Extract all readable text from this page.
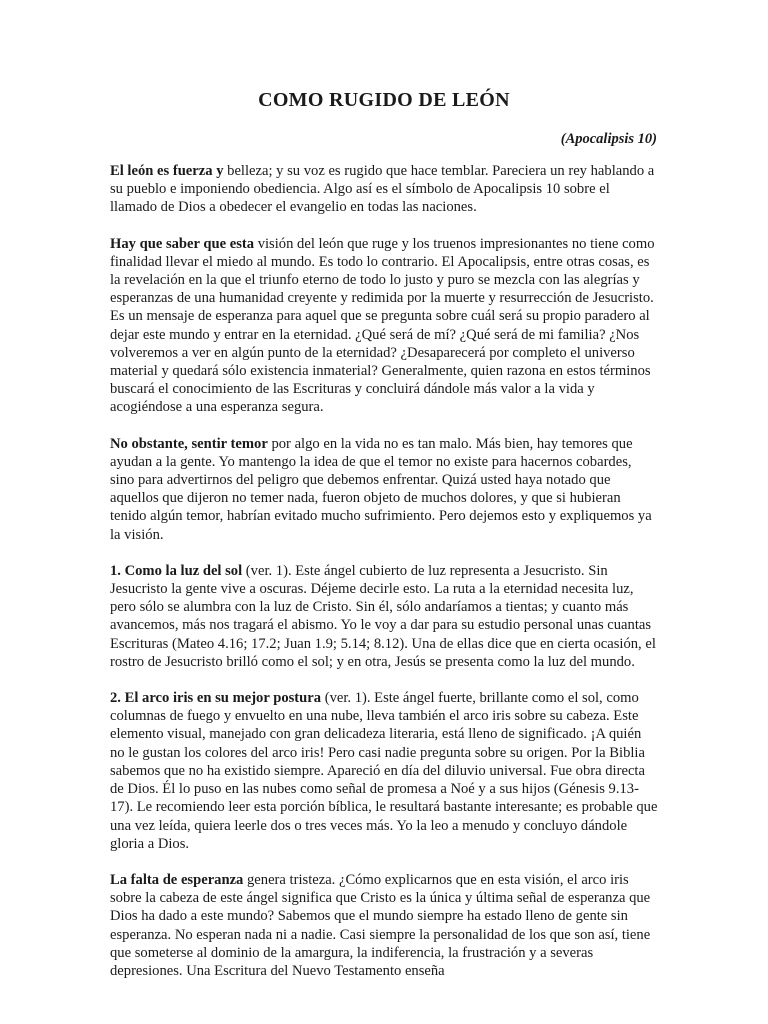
COMO RUGIDO DE LEÓN

(Apocalipsis 10)

El león es fuerza y belleza; y su voz es rugido que hace temblar. Pareciera un rey hablando a su pueblo e imponiendo obediencia. Algo así es el símbolo de Apocalipsis 10 sobre el llamado de Dios a obedecer el evangelio en todas las naciones.

Hay que saber que esta visión del león que ruge y los truenos impresionantes no tiene como finalidad llevar el miedo al mundo. Es todo lo contrario. El Apocalipsis, entre otras cosas, es la revelación en la que el triunfo eterno de todo lo justo y puro se mezcla con las alegrías y esperanzas de una humanidad creyente y redimida por la muerte y resurrección de Jesucristo. Es un mensaje de esperanza para aquel que se pregunta sobre cuál será su propio paradero al dejar este mundo y entrar en la eternidad. ¿Qué será de mí? ¿Qué será de mi familia? ¿Nos volveremos a ver en algún punto de la eternidad? ¿Desaparecerá por completo el universo material y quedará sólo existencia inmaterial? Generalmente, quien razona en estos términos buscará el conocimiento de las Escrituras y concluirá dándole más valor a la vida y acogiéndose a una esperanza segura.

No obstante, sentir temor por algo en la vida no es tan malo. Más bien, hay temores que ayudan a la gente. Yo mantengo la idea de que el temor no existe para hacernos cobardes, sino para advertirnos del peligro que debemos enfrentar. Quizá usted haya notado que aquellos que dijeron no temer nada, fueron objeto de muchos dolores, y que si hubieran tenido algún temor, habrían evitado mucho sufrimiento. Pero dejemos esto y expliquemos ya la visión.

1. Como la luz del sol (ver. 1). Este ángel cubierto de luz representa a Jesucristo. Sin Jesucristo la gente vive a oscuras. Déjeme decirle esto. La ruta a la eternidad necesita luz, pero sólo se alumbra con la luz de Cristo. Sin él, sólo andaríamos a tientas; y cuanto más avancemos, más nos tragará el abismo. Yo le voy a dar para su estudio personal unas cuantas Escrituras (Mateo 4.16; 17.2; Juan 1.9; 5.14; 8.12). Una de ellas dice que en cierta ocasión, el rostro de Jesucristo brilló como el sol; y en otra, Jesús se presenta como la luz del mundo.

2. El arco iris en su mejor postura (ver. 1). Este ángel fuerte, brillante como el sol, como columnas de fuego y envuelto en una nube, lleva también el arco iris sobre su cabeza. Este elemento visual, manejado con gran delicadeza literaria, está lleno de significado. ¡A quién no le gustan los colores del arco iris! Pero casi nadie pregunta sobre su origen. Por la Biblia sabemos que no ha existido siempre. Apareció en día del diluvio universal. Fue obra directa de Dios. Él lo puso en las nubes como señal de promesa a Noé y a sus hijos (Génesis 9.13-17). Le recomiendo leer esta porción bíblica, le resultará bastante interesante; es probable que una vez leída, quiera leerle dos o tres veces más. Yo la leo a menudo y concluyo dándole gloria a Dios.

La falta de esperanza genera tristeza. ¿Cómo explicarnos que en esta visión, el arco iris sobre la cabeza de este ángel significa que Cristo es la única y última señal de esperanza que Dios ha dado a este mundo? Sabemos que el mundo siempre ha estado lleno de gente sin esperanza. No esperan nada ni a nadie. Casi siempre la personalidad de los que son así, tiene que someterse al dominio de la amargura, la indiferencia, la frustración y a severas depresiones. Una Escritura del Nuevo Testamento enseña
